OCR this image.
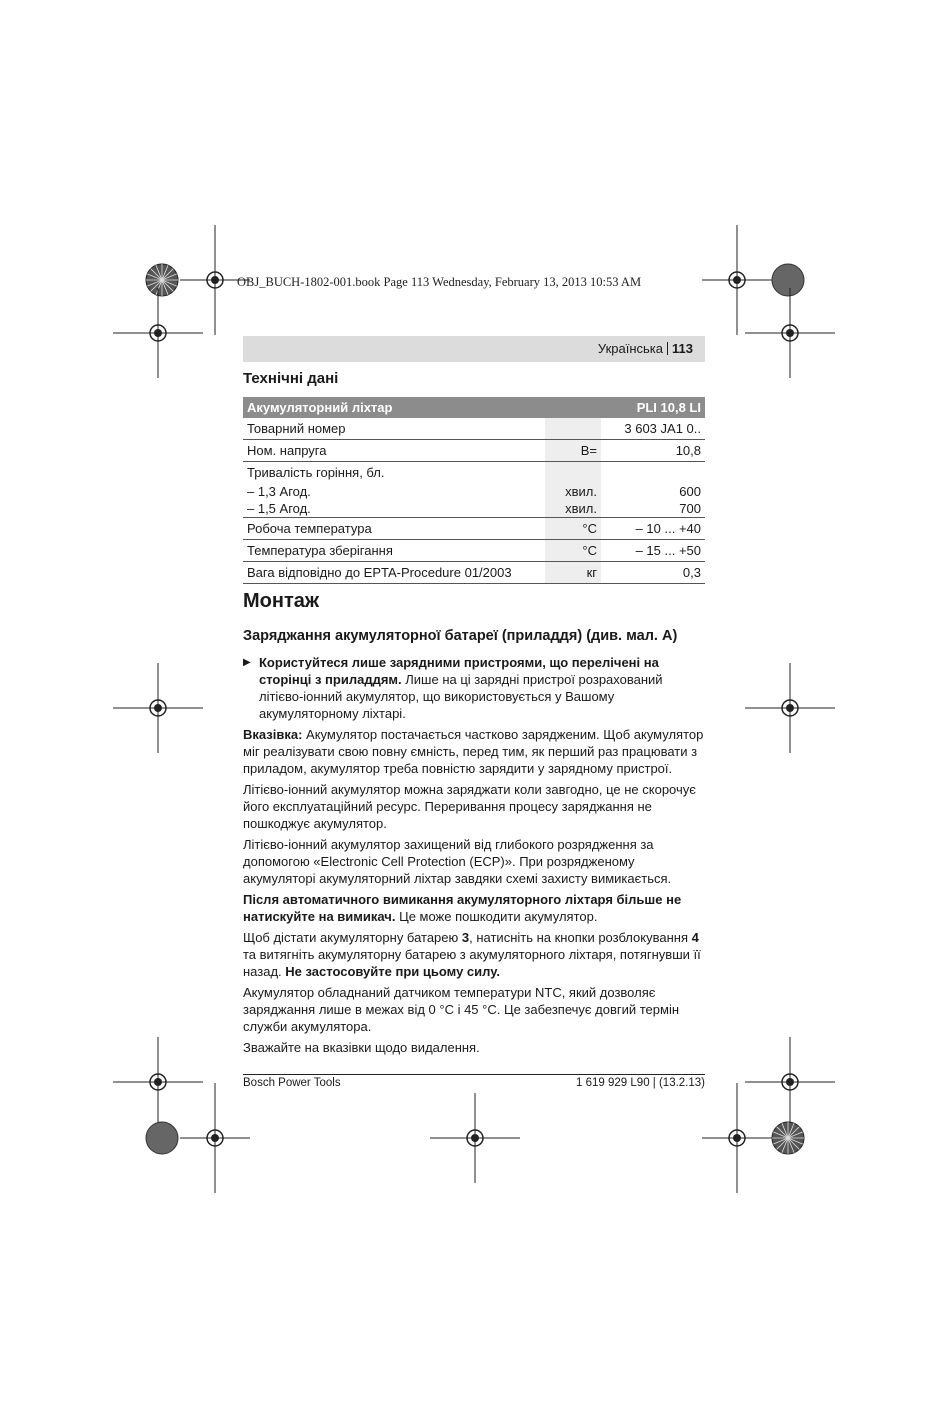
OBJ_BUCH-1802-001.book Page 113 Wednesday, February 13, 2013 10:53 AM
Українська 113
Технічні дані
Акумуляторний ліхтар		PLI 10,8 LI
Товарний номер		3 603 JA1 0..
Ном. напруга	В=	10,8
Тривалість горіння, бл.		
– 1,3 Агод.	хвил.	600
– 1,5 Агод.	хвил.	700
Робоча температура	°C	– 10 ... +40
Температура зберігання	°C	– 15 ... +50
Вага відповідно до EPTA-Procedure 01/2003	кг	0,3
Монтаж
Заряджання акумуляторної батареї (приладдя) (див. мал. A)

▶ Користуйтеся лише зарядними пристроями, що перелічені на сторінці з приладдям. Лише на ці зарядні пристрої розрахований літієво-іонний акумулятор, що використовується у Вашому акумуляторному ліхтарі.

Вказівка: Акумулятор постачається частково зарядженим. Щоб акумулятор міг реалізувати свою повну ємність, перед тим, як перший раз працювати з приладом, акумулятор треба повністю зарядити у зарядному пристрої.

Літієво-іонний акумулятор можна заряджати коли завгодно, це не скорочує його експлуатаційний ресурс. Переривання процесу заряджання не пошкоджує акумулятор.

Літієво-іонний акумулятор захищений від глибокого розрядження за допомогою «Electronic Cell Protection (ECP)». При розрядженому акумуляторі акумуляторний ліхтар завдяки схемі захисту вимикається.

Після автоматичного вимикання акумуляторного ліхтаря більше не натискуйте на вимикач. Це може пошкодити акумулятор.

Щоб дістати акумуляторну батарею 3, натисніть на кнопки розблокування 4 та витягніть акумуляторну батарею з акумуляторного ліхтаря, потягнувши її назад. Не застосовуйте при цьому силу.

Акумулятор обладнаний датчиком температури NTC, який дозволяє заряджання лише в межах від 0 °C і 45 °C. Це забезпечує довгий термін служби акумулятора.

Зважайте на вказівки щодо видалення.

Bosch Power Tools	1 619 929 L90 | (13.2.13)
